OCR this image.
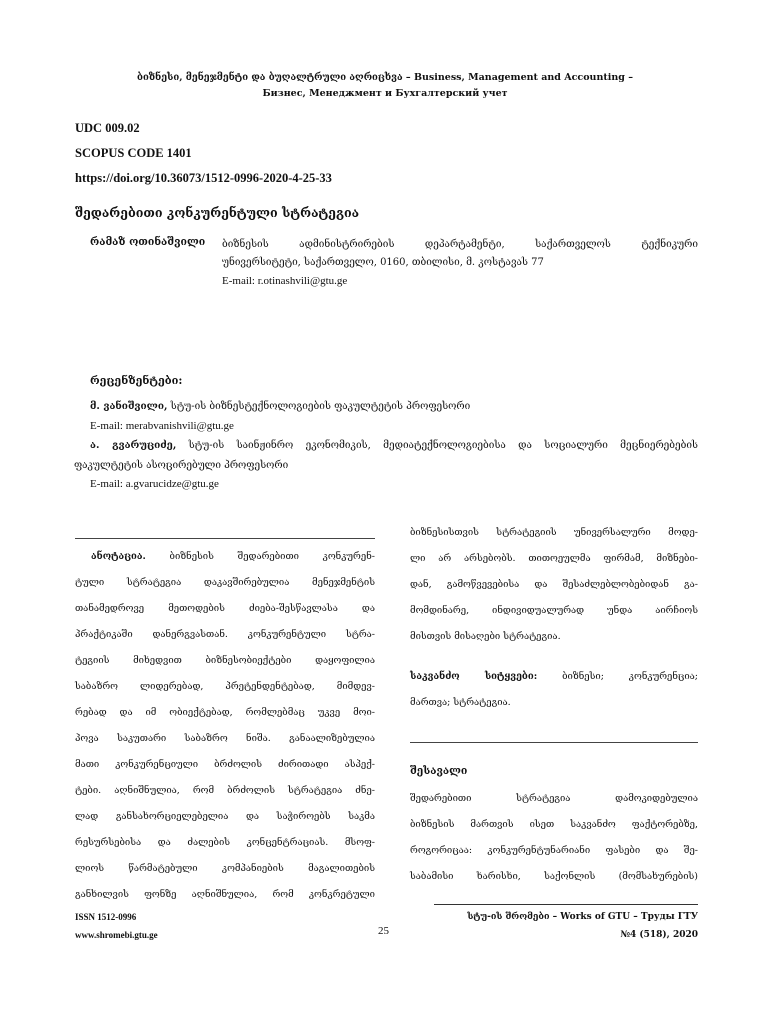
ბიზნესი, მენეჯმენტი და ბუღალტრული აღრიცხვა – Business, Management and Accounting –
Бизнес, Менеджмент и Бухгалтерский учет
UDC 009.02
SCOPUS CODE 1401
https://doi.org/10.36073/1512-0996-2020-4-25-33
შედარებითი კონკურენტული სტრატეგია
რამაზ ოთინაშვილი ბიზნესის ადმინისტრირების დეპარტამენტი, საქართველოს ტექნიკური
უნივერსიტეტი, საქართველო, 0160, თბილისი, მ. კოსტავას 77
E-mail: r.otinashvili@gtu.ge
რეცენზენტები:
მ. ვანიშვილი, სტუ-ის ბიზნესტექნოლოგიების ფაკულტეტის პროფესორი
E-mail: merabvanishvili@gtu.ge
ა. გვარუციძე, სტუ-ის საინჟინრო ეკონომიკის, მედიატექნოლოგიებისა და სოციალური მეცნიერებების
ფაკულტეტის ასოცირებული პროფესორი
E-mail: a.gvarucidze@gtu.ge
ანოტაცია. ბიზნესის შედარებითი კონკურენ-
ტული სტრატეგია დაკავშირებულია მენეჯმენტის
თანამედროვე მეთოდების ძიება-შესწავლასა და
პრაქტიკაში დანერგვასთან. კონკურენტული სტრა-
ტეგიის მიხედვით ბიზნესობიექტები დაყოფილია
საბაზრო ლიდერებად, პრეტენდენტებად, მიმდევ-
რებად და იმ ობიექტებად, რომლებმაც უკვე მოი-
პოვა საკუთარი საბაზრო ნიშა. განაალიზებულია
მათი კონკურენციული ბრძოლის ძირითადი ასპექ-
ტები. აღნიშნულია, რომ ბრძოლის სტრატეგია ძნე-
ლად განსახორციელებელია და საჭიროებს საკმა
რესურსებისა და ძალების კონცენტრაციას. მსოფ-
ლიოს წარმატებული კომპანიების მაგალითების
განხილვის ფონზე აღნიშნულია, რომ კონკრეტული
ბიზნესისთვის სტრატეგიის უნივერსალური მოდე-
ლი არ არსებობს. თითოეულმა ფირმამ, მიზნები-
დან, გამოწვევებისა და შესაძლებლობებიდან გა-
მომდინარე, ინდივიდუალურად უნდა აირჩიოს
მისთვის მისაღები სტრატეგია.
საკვანძო სიტყვები: ბიზნესი; კონკურენცია;
მართვა; სტრატეგია.
შესავალი
შედარებითი სტრატეგია დამოკიდებულია
ბიზნესის მართვის ისეთ საკვანძო ფაქტორებზე,
როგორიცაა: კონკურენტუნარიანი ფასები და შე-
საბამისი ხარისხი, საქონლის (მომსახურების)
ISSN 1512-0996
www.shromebi.gtu.ge	25
სტუ-ის შრომები – Works of GTU – Труды ГТУ
№4 (518), 2020
